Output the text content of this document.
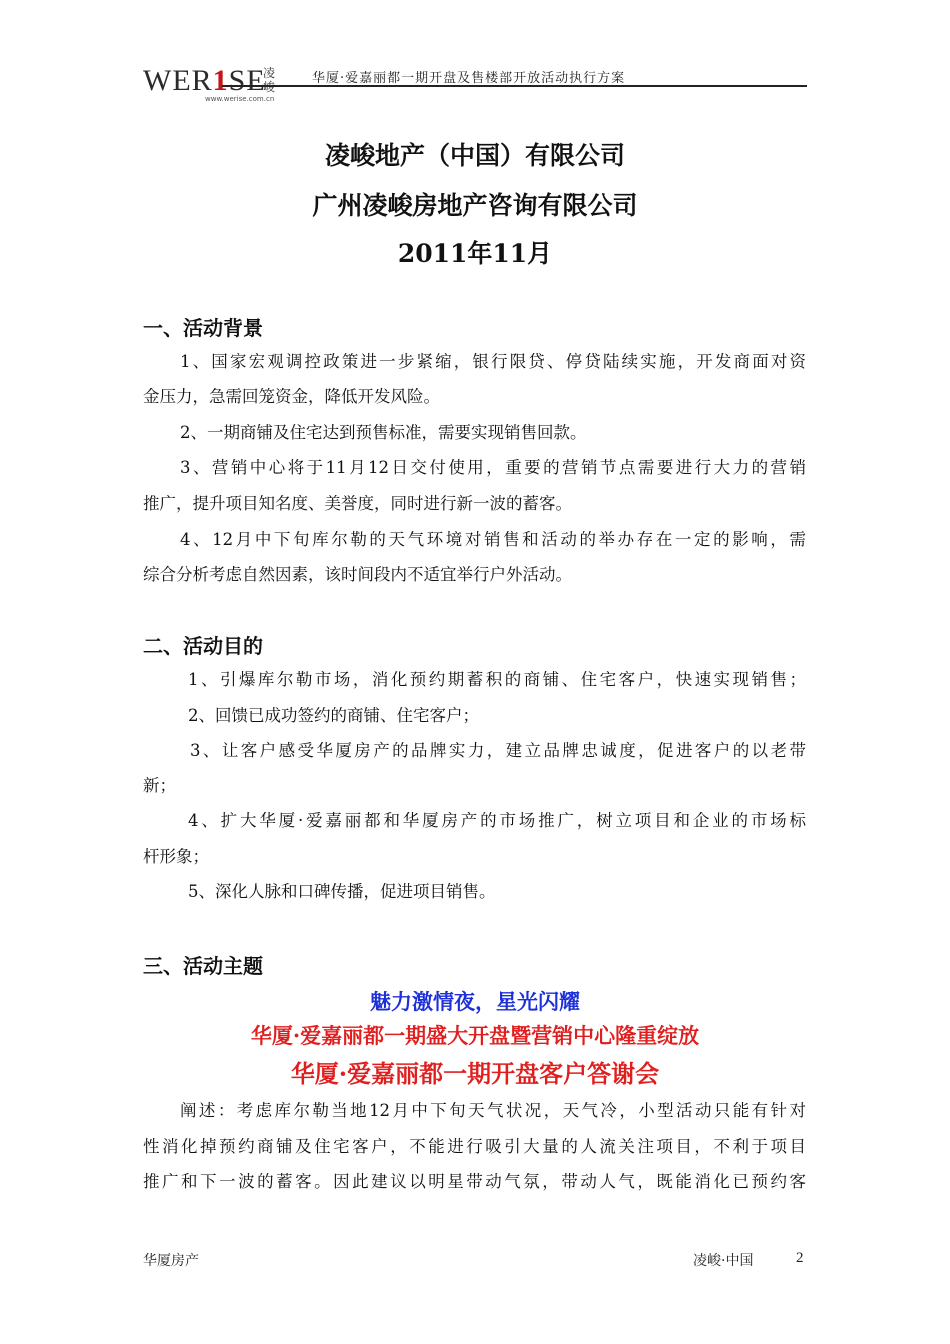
WER1SE
凌峻
www.werise.com.cn
华厦·爱嘉丽都一期开盘及售楼部开放活动执行方案
凌峻地产（中国）有限公司
广州凌峻房地产咨询有限公司
2011年11月
一、活动背景
1、国家宏观调控政策进一步紧缩，银行限贷、停贷陆续实施，开发商面对资
金压力，急需回笼资金，降低开发风险。
2、一期商铺及住宅达到预售标准，需要实现销售回款。
3、营销中心将于11月12日交付使用，重要的营销节点需要进行大力的营销
推广，提升项目知名度、美誉度，同时进行新一波的蓄客。
4、12月中下旬库尔勒的天气环境对销售和活动的举办存在一定的影响，需
综合分析考虑自然因素，该时间段内不适宜举行户外活动。
二、活动目的
1、引爆库尔勒市场，消化预约期蓄积的商铺、住宅客户，快速实现销售；
2、回馈已成功签约的商铺、住宅客户；
3、让客户感受华厦房产的品牌实力，建立品牌忠诚度，促进客户的以老带
新；
4、扩大华厦·爱嘉丽都和华厦房产的市场推广，树立项目和企业的市场标
杆形象；
5、深化人脉和口碑传播，促进项目销售。
三、活动主题
魅力激情夜，星光闪耀
华厦·爱嘉丽都一期盛大开盘暨营销中心隆重绽放
华厦·爱嘉丽都一期开盘客户答谢会
阐述：考虑库尔勒当地12月中下旬天气状况，天气冷，小型活动只能有针对
性消化掉预约商铺及住宅客户，不能进行吸引大量的人流关注项目，不利于项目
推广和下一波的蓄客。因此建议以明星带动气氛，带动人气，既能消化已预约客
华厦房产	凌峻·中国	2
